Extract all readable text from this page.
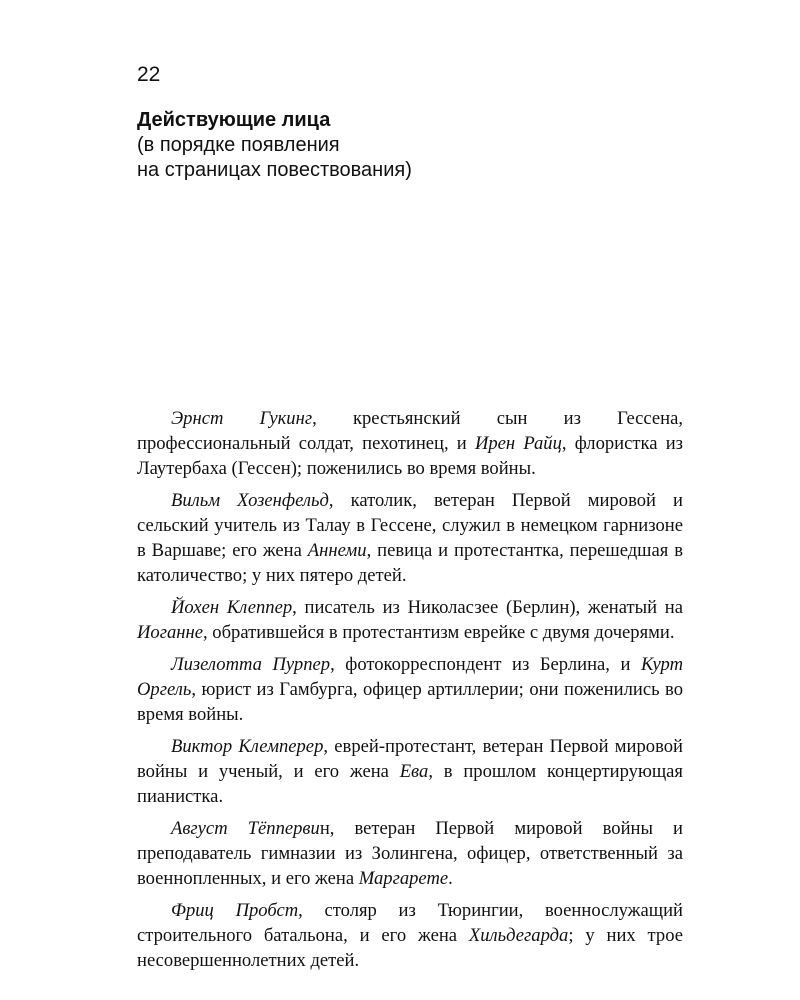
22
Действующие лица
(в порядке появления
на страницах повествования)

Эрнст Гукинг, крестьянский сын из Гессена, профессиональный солдат, пехотинец, и Ирен Райц, флористка из Лаутербаха (Гессен); поженились во время войны.

Вильм Хозенфельд, католик, ветеран Первой мировой и сельский учитель из Талау в Гессене, служил в немецком гарнизоне в Варшаве; его жена Аннеми, певица и протестантка, перешедшая в католичество; у них пятеро детей.

Йохен Клеппер, писатель из Николасзее (Берлин), женатый на Иоганне, обратившейся в протестантизм еврейке с двумя дочерями.

Лизелотта Пурпер, фотокорреспондент из Берлина, и Курт Оргель, юрист из Гамбурга, офицер артиллерии; они поженились во время войны.

Виктор Клемперер, еврей-протестант, ветеран Первой мировой войны и ученый, и его жена Ева, в прошлом концертирующая пианистка.

Август Тёппервин, ветеран Первой мировой войны и преподаватель гимназии из Золингена, офицер, ответственный за военнопленных, и его жена Маргарете.

Фриц Пробст, столяр из Тюрингии, военнослужащий строительного батальона, и его жена Хильдегарда; у них трое несовершеннолетних детей.
